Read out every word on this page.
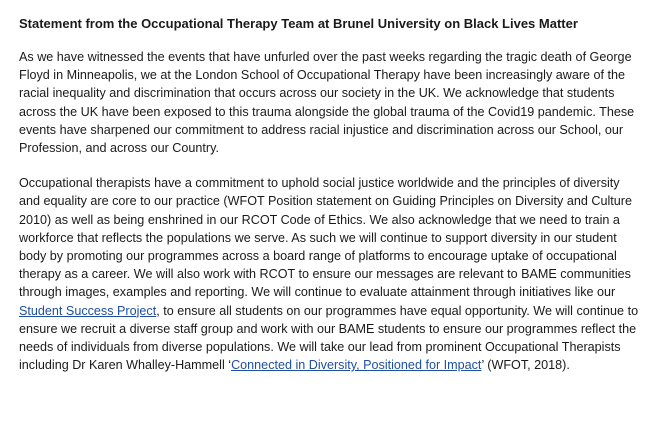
Statement from the Occupational Therapy Team at Brunel University on Black Lives Matter

As we have witnessed the events that have unfurled over the past weeks regarding the tragic death of George Floyd in Minneapolis, we at the London School of Occupational Therapy have been increasingly aware of the racial inequality and discrimination that occurs across our society in the UK. We acknowledge that students across the UK have been exposed to this trauma alongside the global trauma of the Covid19 pandemic. These events have sharpened our commitment to address racial injustice and discrimination across our School, our Profession, and across our Country.

Occupational therapists have a commitment to uphold social justice worldwide and the principles of diversity and equality are core to our practice (WFOT Position statement on Guiding Principles on Diversity and Culture 2010) as well as being enshrined in our RCOT Code of Ethics. We also acknowledge that we need to train a workforce that reflects the populations we serve. As such we will continue to support diversity in our student body by promoting our programmes across a board range of platforms to encourage uptake of occupational therapy as a career. We will also work with RCOT to ensure our messages are relevant to BAME communities through images, examples and reporting. We will continue to evaluate attainment through initiatives like our Student Success Project, to ensure all students on our programmes have equal opportunity. We will continue to ensure we recruit a diverse staff group and work with our BAME students to ensure our programmes reflect the needs of individuals from diverse populations. We will take our lead from prominent Occupational Therapists including Dr Karen Whalley-Hammell ‘Connected in Diversity, Positioned for Impact’ (WFOT, 2018).
